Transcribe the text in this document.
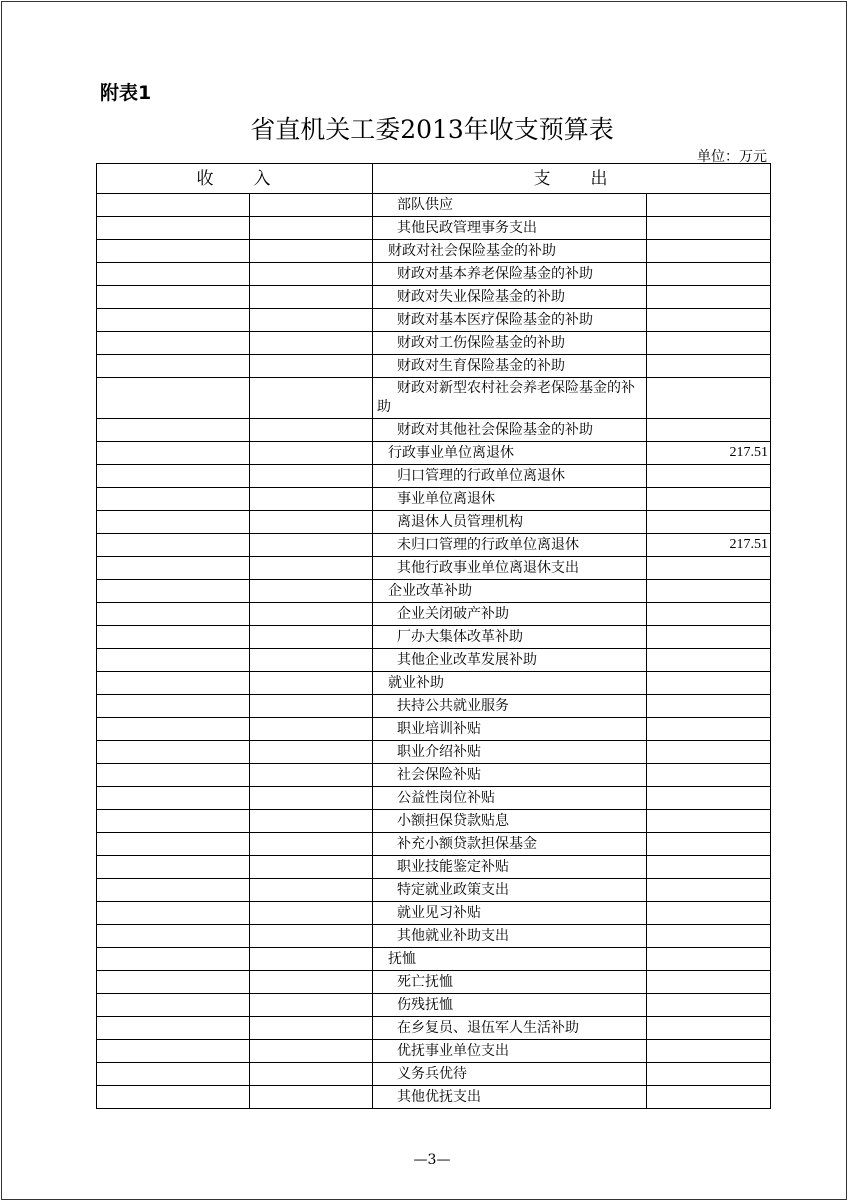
附表1
省直机关工委2013年收支预算表
单位：万元
收　　入		支　　出	
		部队供应	
		其他民政管理事务支出	
		财政对社会保险基金的补助	
		财政对基本养老保险基金的补助	
		财政对失业保险基金的补助	
		财政对基本医疗保险基金的补助	
		财政对工伤保险基金的补助	
		财政对生育保险基金的补助	
		财政对新型农村社会养老保险基金的补助	
		财政对其他社会保险基金的补助	
		行政事业单位离退休	217.51
		归口管理的行政单位离退休	
		事业单位离退休	
		离退休人员管理机构	
		未归口管理的行政单位离退休	217.51
		其他行政事业单位离退休支出	
		企业改革补助	
		企业关闭破产补助	
		厂办大集体改革补助	
		其他企业改革发展补助	
		就业补助	
		扶持公共就业服务	
		职业培训补贴	
		职业介绍补贴	
		社会保险补贴	
		公益性岗位补贴	
		小额担保贷款贴息	
		补充小额贷款担保基金	
		职业技能鉴定补贴	
		特定就业政策支出	
		就业见习补贴	
		其他就业补助支出	
		抚恤	
		死亡抚恤	
		伤残抚恤	
		在乡复员、退伍军人生活补助	
		优抚事业单位支出	
		义务兵优待	
		其他优抚支出	
—3—
